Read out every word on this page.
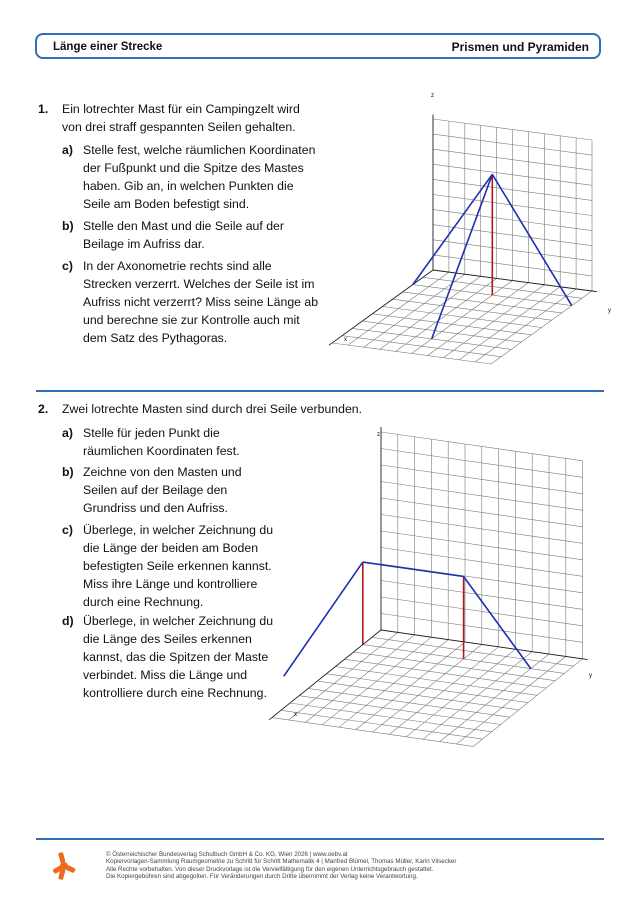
Länge einer Strecke	Prismen und Pyramiden
1. Ein lotrechter Mast für ein Campingzelt wird
von drei straff gespannten Seilen gehalten.
a) Stelle fest, welche räumlichen Koordinaten
der Fußpunkt und die Spitze des Mastes
haben. Gib an, in welchen Punkten die
Seile am Boden befestigt sind.
b) Stelle den Mast und die Seile auf der
Beilage im Aufriss dar.
c) In der Axonometrie rechts sind alle
Strecken verzerrt. Welches der Seile ist im
Aufriss nicht verzerrt? Miss seine Länge ab
und berechne sie zur Kontrolle auch mit
dem Satz des Pythagoras.
z
y
x
2. Zwei lotrechte Masten sind durch drei Seile verbunden.
a) Stelle für jeden Punkt die
räumlichen Koordinaten fest.
b) Zeichne von den Masten und
Seilen auf der Beilage den
Grundriss und den Aufriss.
c) Überlege, in welcher Zeichnung du
die Länge der beiden am Boden
befestigten Seile erkennen kannst.
Miss ihre Länge und kontrolliere
durch eine Rechnung.
d) Überlege, in welcher Zeichnung du
die Länge des Seiles erkennen
kannst, das die Spitzen der Maste
verbindet. Miss die Länge und
kontrolliere durch eine Rechnung.
z
y
x
© Österreichischer Bundesverlag Schulbuch GmbH & Co. KG, Wien 2026 | www.oebv.at
Kopiervorlagen-Sammlung Raumgeometrie zu Schritt für Schritt Mathematik 4 | Manfred Blümel, Thomas Müller, Karin Vilsecker
Alle Rechte vorbehalten. Von dieser Druckvorlage ist die Vervielfältigung für den eigenen Unterrichtsgebrauch gestattet.
Die Kopiergebühren sind abgegolten. Für Veränderungen durch Dritte übernimmt der Verlag keine Verantwortung.
